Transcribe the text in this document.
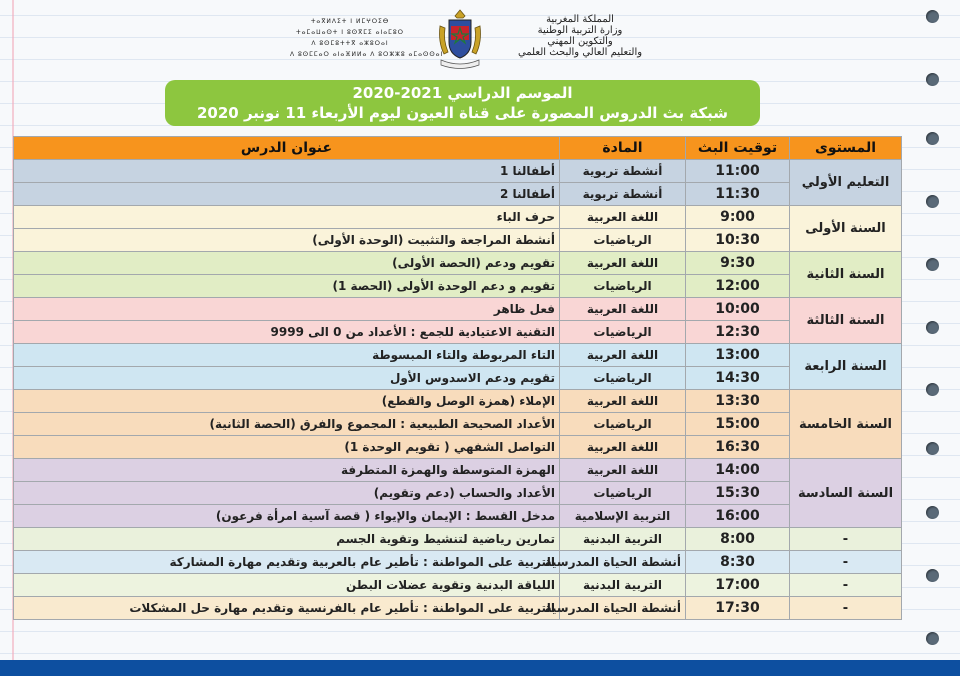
ⵜⴰⴳⵍⴷⵉⵜ ⵏ ⵍⵎⵖⵔⵉⴱ
ⵜⴰⵎⴰⵡⴰⵙⵜ ⵏ ⵓⵙⴳⵎⵉ ⴰⵏⴰⵎⵓⵔ
ⴷ ⵓⵙⵎⵓⵜⵜⴳ ⴰⵣⵓⵔⴰⵏ
ⴷ ⵓⵙⵎⵎⴰⵔ ⴰⵏⴰⴼⵍⵍⴰ ⴷ ⵓⵔⵣⵣⵓ ⴰⵎⴰⵙⵙⴰⵏ
المملكة المغربية
وزارة التربية الوطنية
والتكوين المهني
والتعليم العالي والبحث العلمي
الموسم الدراسي 2021-2020
شبكة بث الدروس المصورة على قناة العيون ليوم الأربعاء 11 نونبر 2020
المستوى	توقيت البث	المادة	عنوان الدرس
التعليم الأولي	11:00	أنشطة تربوية	أطفالنا 1
	11:30	أنشطة تربوية	أطفالنا 2
السنة الأولى	9:00	اللغة العربية	حرف الباء
	10:30	الرياضيات	أنشطة المراجعة والتثبيت (الوحدة الأولى)
السنة الثانية	9:30	اللغة العربية	تقويم ودعم (الحصة الأولى)
	12:00	الرياضيات	تقويم و دعم الوحدة الأولى (الحصة 1)
السنة الثالثة	10:00	اللغة العربية	فعل ظاهر
	12:30	الرياضيات	التقنية الاعتيادية للجمع : الأعداد من 0 الى 9999
السنة الرابعة	13:00	اللغة العربية	التاء المربوطة والتاء المبسوطة
	14:30	الرياضيات	تقويم ودعم الاسدوس الأول
السنة الخامسة	13:30	اللغة العربية	الإملاء (همزة الوصل والقطع)
	15:00	الرياضيات	الأعداد الصحيحة الطبيعية : المجموع والفرق (الحصة الثانية)
	16:30	اللغة العربية	التواصل الشفهي ( تقويم الوحدة 1)
السنة السادسة	14:00	اللغة العربية	الهمزة المتوسطة والهمزة المتطرفة
	15:30	الرياضيات	الأعداد والحساب (دعم وتقويم)
	16:00	التربية الإسلامية	مدخل القسط : الإيمان والإيواء ( قصة آسية امرأة فرعون)
-	8:00	التربية البدنية	تمارين رياضية لتنشيط وتقوية الجسم
-	8:30	أنشطة الحياة المدرسية	التربية على المواطنة : تأطير عام بالعربية وتقديم مهارة المشاركة
-	17:00	التربية البدنية	اللياقة البدنية وتقوية عضلات البطن
-	17:30	أنشطة الحياة المدرسية	التربية على المواطنة : تأطير عام بالفرنسية وتقديم مهارة حل المشكلات
